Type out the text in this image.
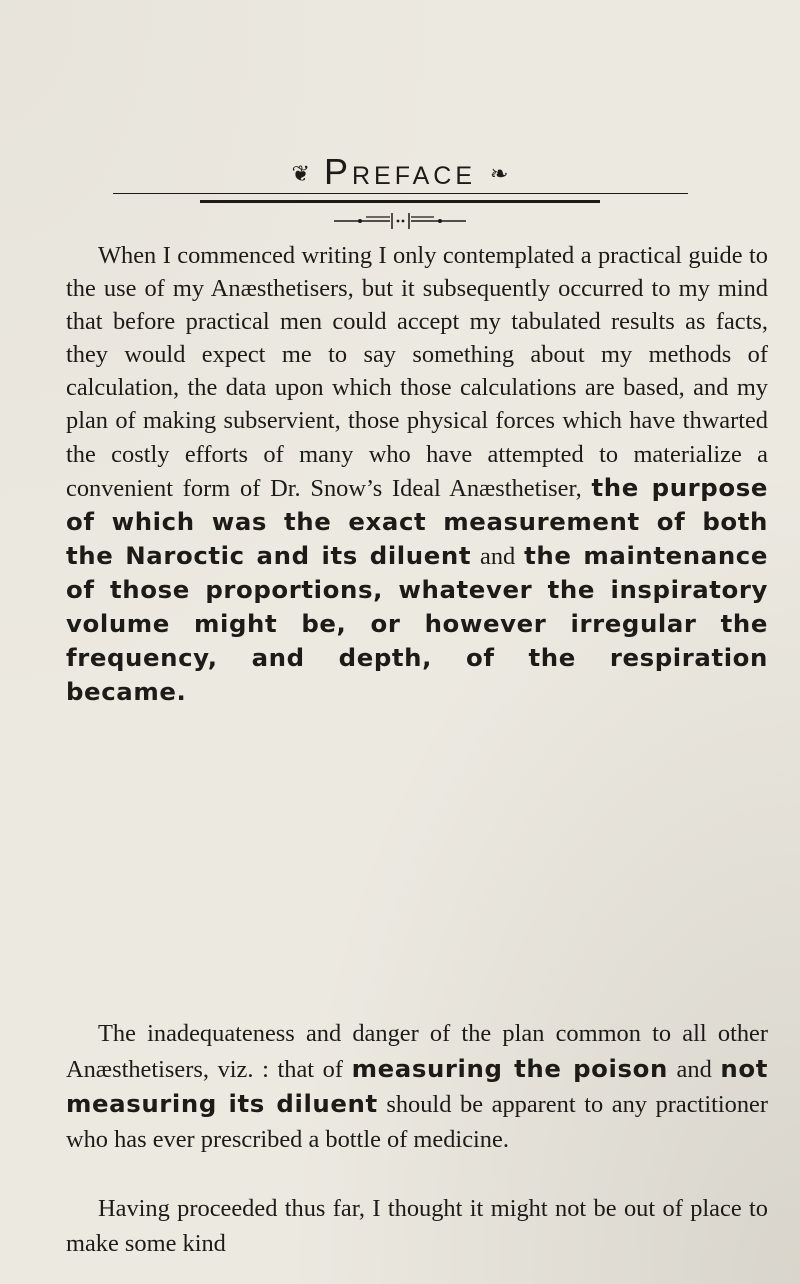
❦ Preface ❧

When I commenced writing I only contemplated a practical guide to the use of my Anæsthetisers, but it subsequently occurred to my mind that before practical men could accept my tabulated results as facts, they would expect me to say something about my methods of calculation, the data upon which those calculations are based, and my plan of making subservient, those physical forces which have thwarted the costly efforts of many who have attempted to materialize a convenient form of Dr. Snow’s Ideal Anæsthetiser, the purpose of which was the exact measurement of both the Naroctic and its diluent and the maintenance of those proportions, whatever the inspiratory volume might be, or however irregular the frequency, and depth, of the respiration became.

The inadequateness and danger of the plan common to all other Anæsthetisers, viz. : that of measuring the poison and not measuring its diluent should be apparent to any practitioner who has ever prescribed a bottle of medicine.

Having proceeded thus far, I thought it might not be out of place to make some kind
